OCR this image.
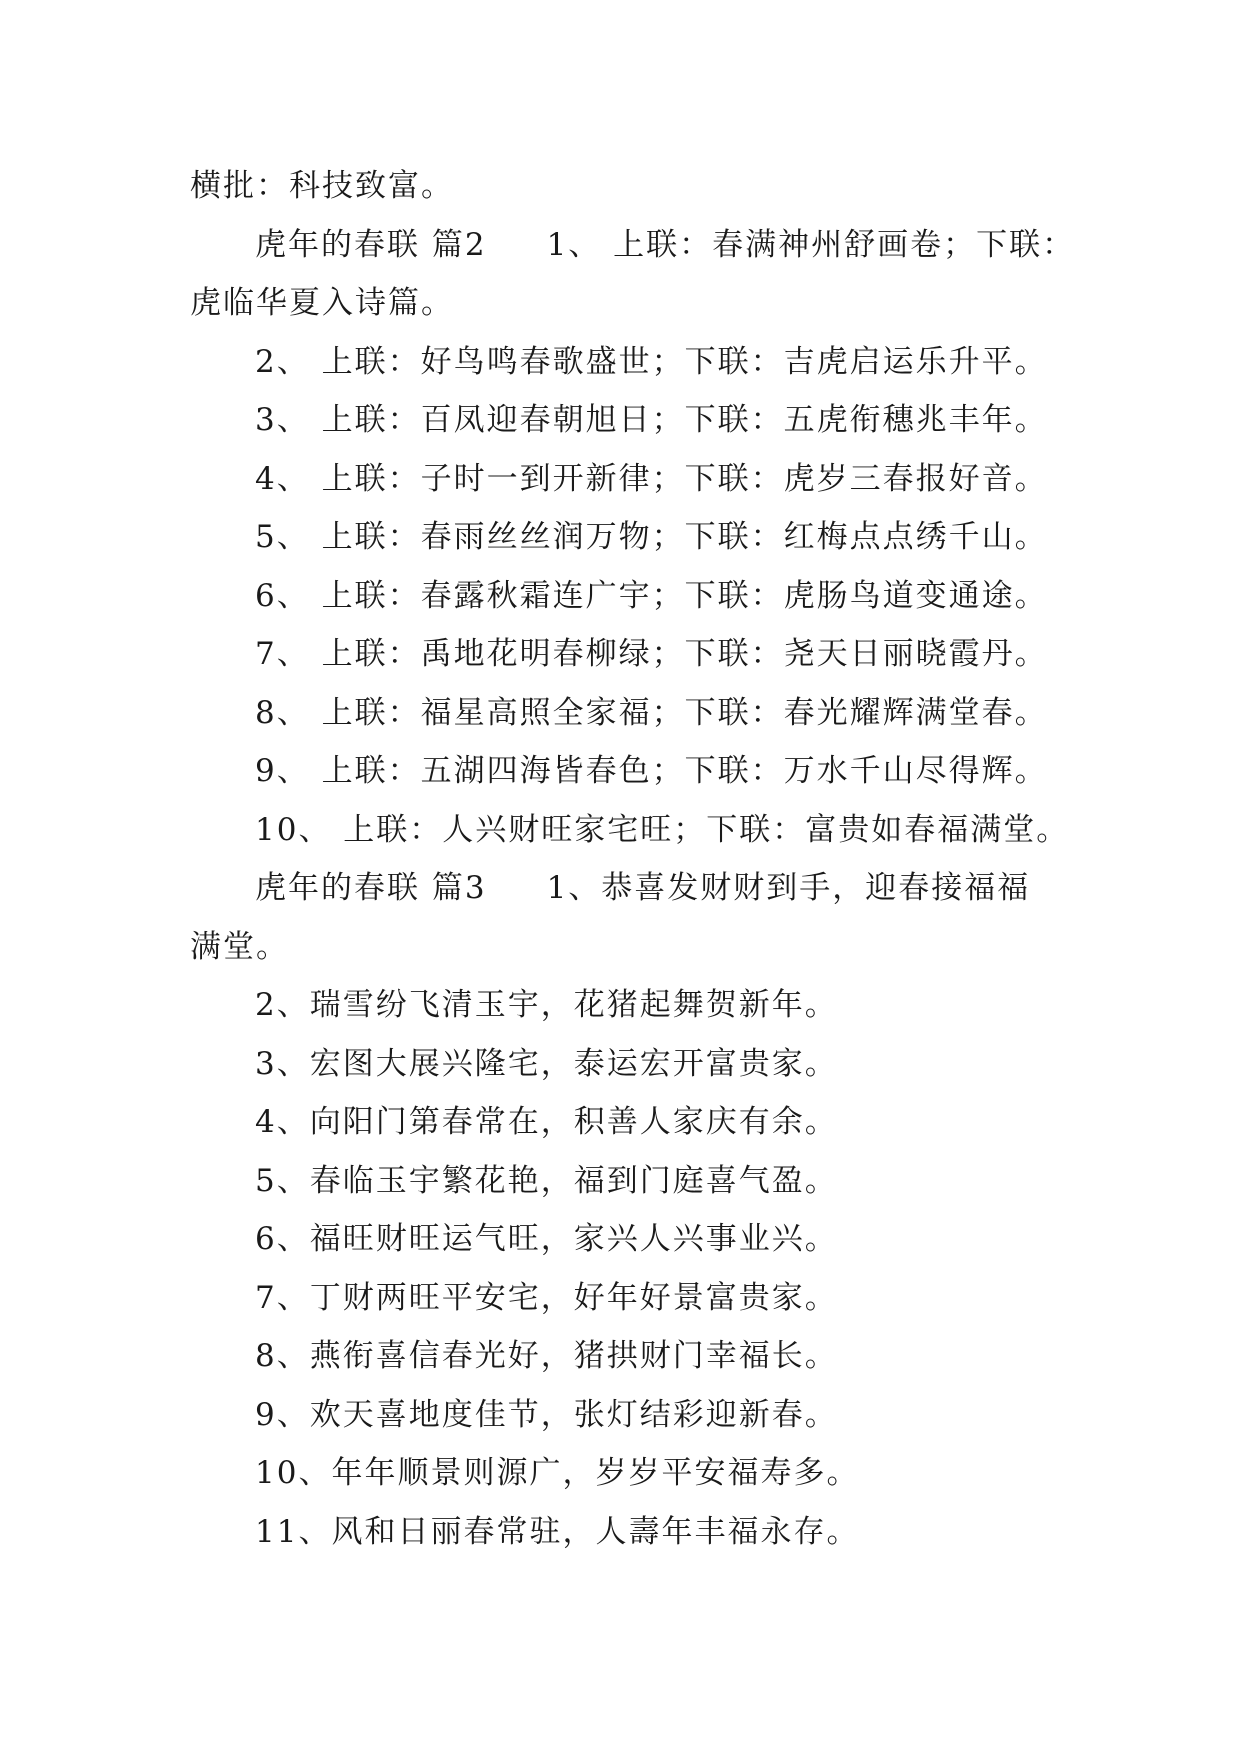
横批：科技致富。
虎年的春联 篇2 1、 上联：春满神州舒画卷；下联：
虎临华夏入诗篇。
2、 上联：好鸟鸣春歌盛世；下联：吉虎启运乐升平。
3、 上联：百凤迎春朝旭日；下联：五虎衔穗兆丰年。
4、 上联：子时一到开新律；下联：虎岁三春报好音。
5、 上联：春雨丝丝润万物；下联：红梅点点绣千山。
6、 上联：春露秋霜连广宇；下联：虎肠鸟道变通途。
7、 上联：禹地花明春柳绿；下联：尧天日丽晓霞丹。
8、 上联：福星高照全家福；下联：春光耀辉满堂春。
9、 上联：五湖四海皆春色；下联：万水千山尽得辉。
10、 上联：人兴财旺家宅旺；下联：富贵如春福满堂。
虎年的春联 篇3 1、恭喜发财财到手，迎春接福福
满堂。
2、瑞雪纷飞清玉宇，花猪起舞贺新年。
3、宏图大展兴隆宅，泰运宏开富贵家。
4、向阳门第春常在，积善人家庆有余。
5、春临玉宇繁花艳，福到门庭喜气盈。
6、福旺财旺运气旺，家兴人兴事业兴。
7、丁财两旺平安宅，好年好景富贵家。
8、燕衔喜信春光好，猪拱财门幸福长。
9、欢天喜地度佳节，张灯结彩迎新春。
10、年年顺景则源广，岁岁平安福寿多。
11、风和日丽春常驻，人壽年丰福永存。
